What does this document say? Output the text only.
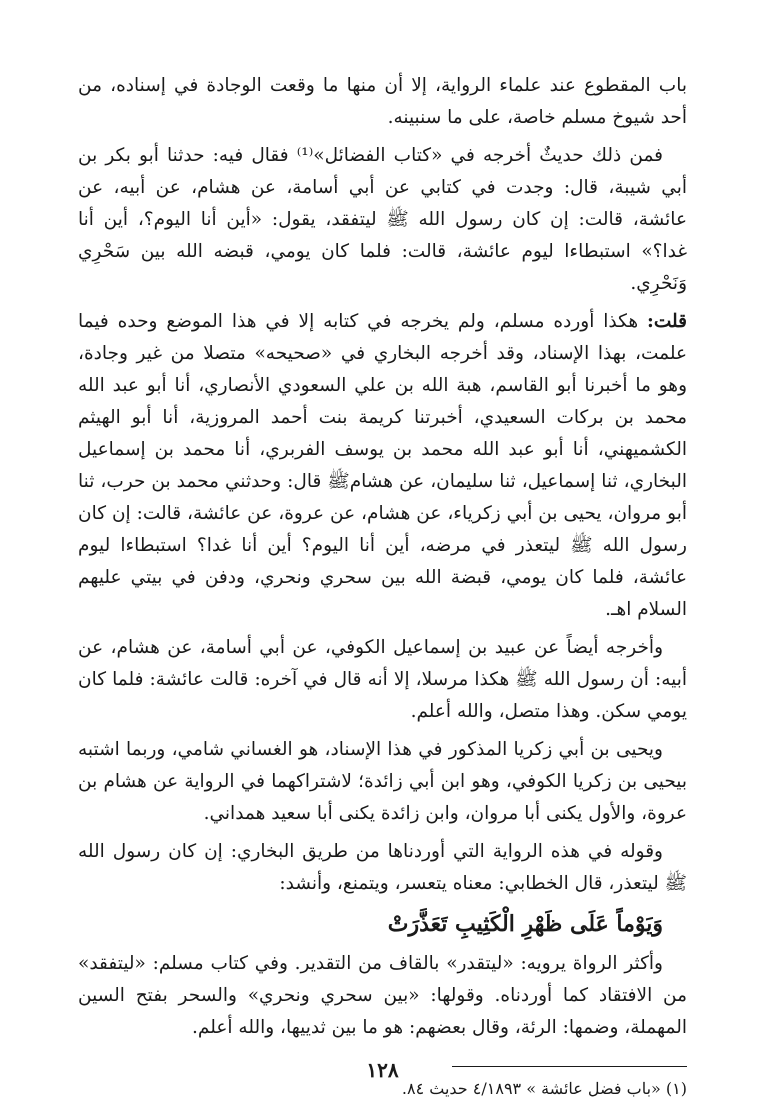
باب المقطوع عند علماء الرواية، إلا أن منها ما وقعت الوجادة في إسناده، من أحد شيوخ مسلم خاصة، على ما سنبينه.

فمن ذلك حديثٌ أخرجه في «كتاب الفضائل»⁽¹⁾ فقال فيه: حدثنا أبو بكر بن أبي شيبة، قال: وجدت في كتابي عن أبي أسامة، عن هشام، عن أبيه، عن عائشة، قالت: إن كان رسول الله ﷺ ليتفقد، يقول: «أين أنا اليوم؟، أين أنا غدا؟» استبطاءا ليوم عائشة، قالت: فلما كان يومي، قبضه الله بين سَحْرِي وَنَحْرِي.

قلت: هكذا أورده مسلم، ولم يخرجه في كتابه إلا في هذا الموضع وحده فيما علمت، بهذا الإسناد، وقد أخرجه البخاري في «صحيحه» متصلا من غير وجادة، وهو ما أخبرنا أبو القاسم، هبة الله بن علي السعودي الأنصاري، أنا أبو عبد الله محمد بن بركات السعيدي، أخبرتنا كريمة بنت أحمد المروزية، أنا أبو الهيثم الكشميهني، أنا أبو عبد الله محمد بن يوسف الفربري، أنا محمد بن إسماعيل البخاري، ثنا إسماعيل، ثنا سليمان، عن هشامﷺ قال: وحدثني محمد بن حرب، ثنا أبو مروان، يحيى بن أبي زكرياء، عن هشام، عن عروة، عن عائشة، قالت: إن كان رسول الله ﷺ ليتعذر في مرضه، أين أنا اليوم؟ أين أنا غدا؟ استبطاءا ليوم عائشة، فلما كان يومي، قبضة الله بين سحري ونحري، ودفن في بيتي عليهم السلام اهـ.

وأخرجه أيضاً عن عبيد بن إسماعيل الكوفي، عن أبي أسامة، عن هشام، عن أبيه: أن رسول الله ﷺ هكذا مرسلا، إلا أنه قال في آخره: قالت عائشة: فلما كان يومي سكن. وهذا متصل، والله أعلم.

ويحيى بن أبي زكريا المذكور في هذا الإسناد، هو الغساني شامي، وربما اشتبه بيحيى بن زكريا الكوفي، وهو ابن أبي زائدة؛ لاشتراكهما في الرواية عن هشام بن عروة، والأول يكنى أبا مروان، وابن زائدة يكنى أبا سعيد همداني.

وقوله في هذه الرواية التي أوردناها من طريق البخاري: إن كان رسول الله ﷺ ليتعذر، قال الخطابي: معناه يتعسر، ويتمنع، وأنشد:

وَيَوْماً عَلَى ظَهْرِ الْكَثِيبِ تَعَذَّرَتْ

وأكثر الرواة يرويه: «ليتقدر» بالقاف من التقدير. وفي كتاب مسلم: «ليتفقد» من الافتقاد كما أوردناه. وقولها: «بين سحري ونحري» والسحر بفتح السين المهملة، وضمها: الرئة، وقال بعضهم: هو ما بين ثدييها، والله أعلم.

(١) «باب فضل عائشة » ٤/١٨٩٣ حديث ٨٤.
١٢٨
